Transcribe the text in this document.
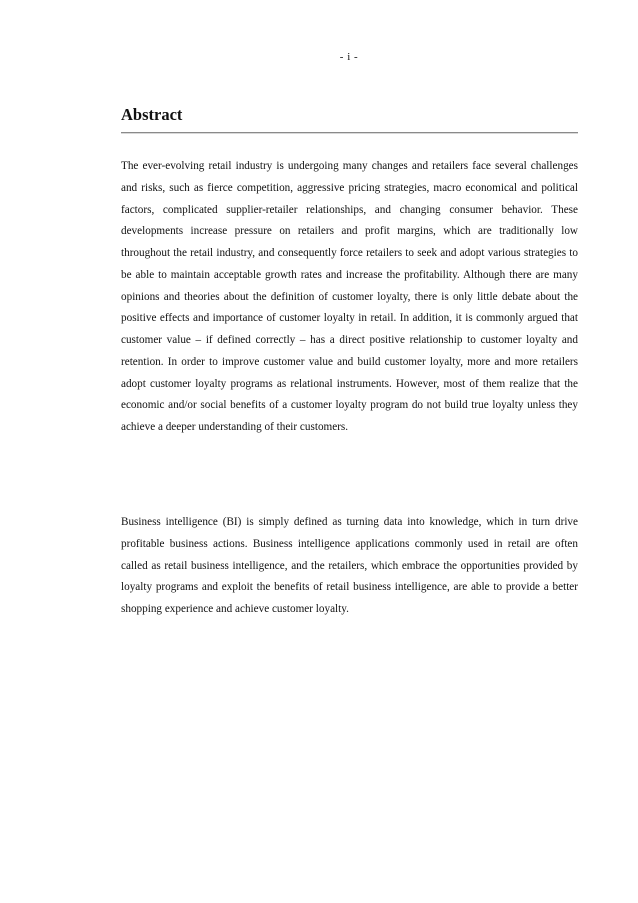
- i -
Abstract

The ever-evolving retail industry is undergoing many changes and retailers face several challenges and risks, such as fierce competition, aggressive pricing strategies, macro economical and political factors, complicated supplier-retailer relationships, and changing consumer behavior. These developments increase pressure on retailers and profit margins, which are traditionally low throughout the retail industry, and consequently force retailers to seek and adopt various strategies to be able to maintain acceptable growth rates and increase the profitability. Although there are many opinions and theories about the definition of customer loyalty, there is only little debate about the positive effects and importance of customer loyalty in retail. In addition, it is commonly argued that customer value – if defined correctly – has a direct positive relationship to customer loyalty and retention. In order to improve customer value and build customer loyalty, more and more retailers adopt customer loyalty programs as relational instruments. However, most of them realize that the economic and/or social benefits of a customer loyalty program do not build true loyalty unless they achieve a deeper understanding of their customers.

Business intelligence (BI) is simply defined as turning data into knowledge, which in turn drive profitable business actions. Business intelligence applications commonly used in retail are often called as retail business intelligence, and the retailers, which embrace the opportunities provided by loyalty programs and exploit the benefits of retail business intelligence, are able to provide a better shopping experience and achieve customer loyalty.
